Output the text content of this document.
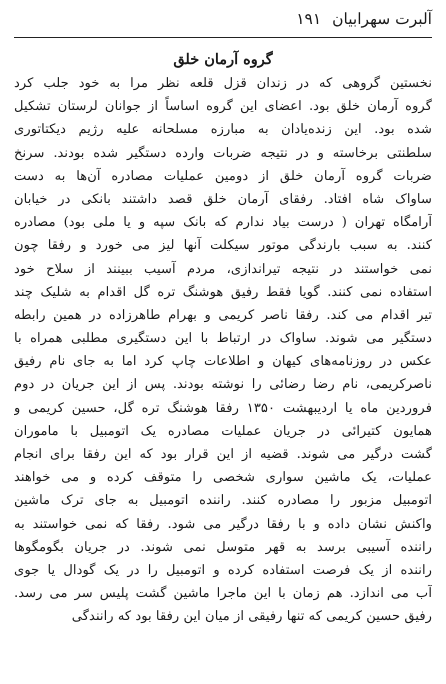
آلبرت سهرابیان ۱۹۱
گروه آرمان خلق
نخستین گروهی که در زندان قزل قلعه نظر مرا به خود جلب کرد
گروه آرمان خلق بود. اعضای این گروه اساساً از جوانان لرستان تشکیل
شده بود. این زنده‌یادان به مبارزه مسلحانه علیه رژیم دیکتاتوری
سلطنتی برخاسته و در نتیجه ضربات وارده دستگیر شده بودند. سرنخ
ضربات گروه آرمان خلق از دومین عملیات مصادره آن‌ها به دست
ساواک شاه افتاد. رفقای آرمان خلق قصد داشتند بانکی در خیابان
آرامگاه تهران ( درست بیاد ندارم که بانک سپه و یا ملی بود) مصادره
کنند. به سبب بارندگی موتور سیکلت آنها لیز می خورد و رفقا چون
نمی خواستند در نتیجه تیراندازی، مردم آسیب ببینند از سلاح خود
استفاده نمی کنند. گویا فقط رفیق هوشنگ تره گل اقدام به شلیک چند
تیر اقدام می کند. رفقا ناصر کریمی و بهرام طاهرزاده در همین رابطه
دستگیر می شوند. ساواک در ارتباط با این دستگیری مطلبی همراه با
عکس در روزنامه‌های کیهان و اطلاعات چاپ کرد اما به جای نام رفیق
ناصرکریمی، نام رضا رضائی را نوشته بودند. پس از این جریان در دوم
فروردین ماه یا اردیبهشت ۱۳۵۰ رفقا هوشنگ تره گل، حسین کریمی و
همایون کتیرائی در جریان عملیات مصادره یک اتومبیل با ماموران
گشت درگیر می شوند. قضیه از این قرار بود که این رفقا برای انجام
عملیات، یک ماشین سواری شخصی را متوقف کرده و می خواهند
اتومبیل مزبور را مصادره کنند. راننده اتومبیل به جای ترک ماشین
واکنش نشان داده و با رفقا درگیر می شود. رفقا که نمی خواستند به
راننده آسیبی برسد به قهر متوسل نمی شوند. در جریان بگومگوها
راننده از یک فرصت استفاده کرده و اتومبیل را در یک گودال یا جوی
آب می اندازد. هم زمان با این ماجرا ماشین گشت پلیس سر می رسد.
رفیق حسین کریمی که تنها رفیقی از میان این رفقا بود که رانندگی
